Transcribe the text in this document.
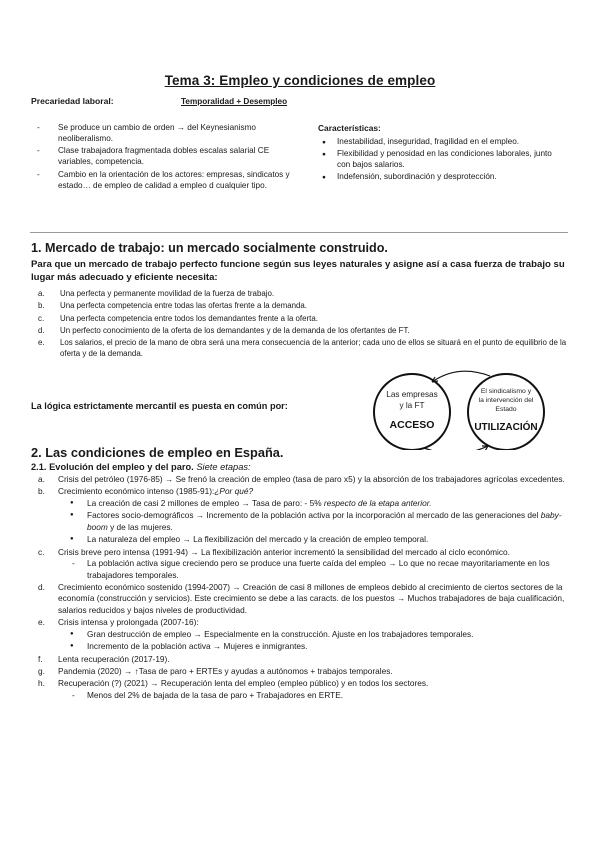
Tema 3: Empleo y condiciones de empleo
Precariedad laboral:	Temporalidad + Desempleo
- Se produce un cambio de orden → del Keynesianismo neoliberalismo.
- Clase trabajadora fragmentada dobles escalas salarial CE variables, competencia.
- Cambio en la orientación de los actores: empresas, sindicatos y estado… de empleo de calidad a empleo d cualquier tipo.
Características:
● Inestabilidad, inseguridad, fragilidad en el empleo.
● Flexibilidad y penosidad en las condiciones laborales, junto con bajos salarios.
● Indefensión, subordinación y desprotección.
1. Mercado de trabajo: un mercado socialmente construido.
Para que un mercado de trabajo perfecto funcione según sus leyes naturales y asigne así a casa fuerza de trabajo su lugar más adecuado y eficiente necesita:
a. Una perfecta y permanente movilidad de la fuerza de trabajo.
b. Una perfecta competencia entre todas las ofertas frente a la demanda.
c. Una perfecta competencia entre todos los demandantes frente a la oferta.
d. Un perfecto conocimiento de la oferta de los demandantes y de la demanda de los ofertantes de FT.
e. Los salarios, el precio de la mano de obra será una mera consecuencia de la anterior; cada uno de ellos se situará en el punto de equilibrio de la oferta y de la demanda.
La lógica estrictamente mercantil es puesta en común por:
Las empresas
y la FT
ACCESO
El sindicalismo y
la intervención del
Estado
UTILIZACIÓN
2. Las condiciones de empleo en España.
2.1. Evolución del empleo y del paro. Siete etapas:
a. Crisis del petróleo (1976-85) → Se frenó la creación de empleo (tasa de paro x5) y la absorción de los trabajadores agrícolas excedentes.
b. Crecimiento económico intenso (1985-91):¿Por qué?
● La creación de casi 2 millones de empleo → Tasa de paro: - 5% respecto de la etapa anterior.
● Factores socio-demográficos → Incremento de la población activa por la incorporación al mercado de las generaciones del baby-boom y de las mujeres.
● La naturaleza del empleo → La flexibilización del mercado y la creación de empleo temporal.
c. Crisis breve pero intensa (1991-94) → La flexibilización anterior incrementó la sensibilidad del mercado al ciclo económico.
- La población activa sigue creciendo pero se produce una fuerte caída del empleo → Lo que no recae mayoritariamente en los trabajadores temporales.
d. Crecimiento económico sostenido (1994-2007) → Creación de casi 8 millones de empleos debido al crecimiento de ciertos sectores de la economía (construcción y servicios). Este crecimiento se debe a las caracts. de los puestos → Muchos trabajadores de baja cualificación, salarios reducidos y bajos niveles de productividad.
e. Crisis intensa y prolongada (2007-16):
● Gran destrucción de empleo → Especialmente en la construcción. Ajuste en los trabajadores temporales.
● Incremento de la población activa → Mujeres e inmigrantes.
f. Lenta recuperación (2017-19).
g. Pandemia (2020) → ↑Tasa de paro + ERTEs y ayudas a autónomos + trabajos temporales.
h. Recuperación (?) (2021) → Recuperación lenta del empleo (empleo público) y en todos los sectores.
- Menos del 2% de bajada de la tasa de paro + Trabajadores en ERTE.
